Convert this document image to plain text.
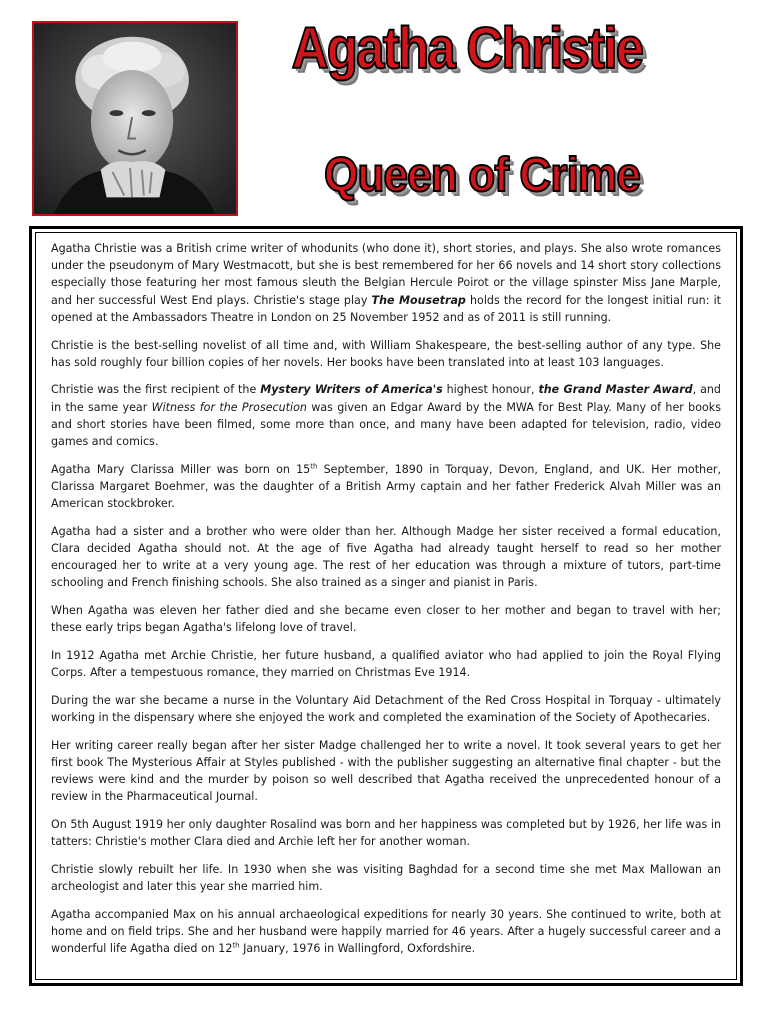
Agatha Christie
Queen of Crime

Agatha Christie was a British crime writer of whodunits (who done it), short stories, and plays. She also wrote romances under the pseudonym of Mary Westmacott, but she is best remembered for her 66 novels and 14 short story collections especially those featuring her most famous sleuth the Belgian Hercule Poirot or the village spinster Miss Jane Marple, and her successful West End plays. Christie's stage play The Mousetrap holds the record for the longest initial run: it opened at the Ambassadors Theatre in London on 25 November 1952 and as of 2011 is still running.

Christie is the best-selling novelist of all time and, with William Shakespeare, the best-selling author of any type. She has sold roughly four billion copies of her novels. Her books have been translated into at least 103 languages.

Christie was the first recipient of the Mystery Writers of America's highest honour, the Grand Master Award, and in the same year Witness for the Prosecution was given an Edgar Award by the MWA for Best Play. Many of her books and short stories have been filmed, some more than once, and many have been adapted for television, radio, video games and comics.

Agatha Mary Clarissa Miller was born on 15th September, 1890 in Torquay, Devon, England, and UK. Her mother, Clarissa Margaret Boehmer, was the daughter of a British Army captain and her father Frederick Alvah Miller was an American stockbroker.

Agatha had a sister and a brother who were older than her. Although Madge her sister received a formal education, Clara decided Agatha should not. At the age of five Agatha had already taught herself to read so her mother encouraged her to write at a very young age. The rest of her education was through a mixture of tutors, part-time schooling and French finishing schools. She also trained as a singer and pianist in Paris.

When Agatha was eleven her father died and she became even closer to her mother and began to travel with her; these early trips began Agatha's lifelong love of travel.

In 1912 Agatha met Archie Christie, her future husband, a qualified aviator who had applied to join the Royal Flying Corps. After a tempestuous romance, they married on Christmas Eve 1914.

During the war she became a nurse in the Voluntary Aid Detachment of the Red Cross Hospital in Torquay - ultimately working in the dispensary where she enjoyed the work and completed the examination of the Society of Apothecaries.

Her writing career really began after her sister Madge challenged her to write a novel. It took several years to get her first book The Mysterious Affair at Styles published - with the publisher suggesting an alternative final chapter - but the reviews were kind and the murder by poison so well described that Agatha received the unprecedented honour of a review in the Pharmaceutical Journal.

On 5th August 1919 her only daughter Rosalind was born and her happiness was completed but by 1926, her life was in tatters: Christie's mother Clara died and Archie left her for another woman.

Christie slowly rebuilt her life. In 1930 when she was visiting Baghdad for a second time she met Max Mallowan an archeologist and later this year she married him.

Agatha accompanied Max on his annual archaeological expeditions for nearly 30 years. She continued to write, both at home and on field trips. She and her husband were happily married for 46 years. After a hugely successful career and a wonderful life Agatha died on 12th January, 1976 in Wallingford, Oxfordshire.
